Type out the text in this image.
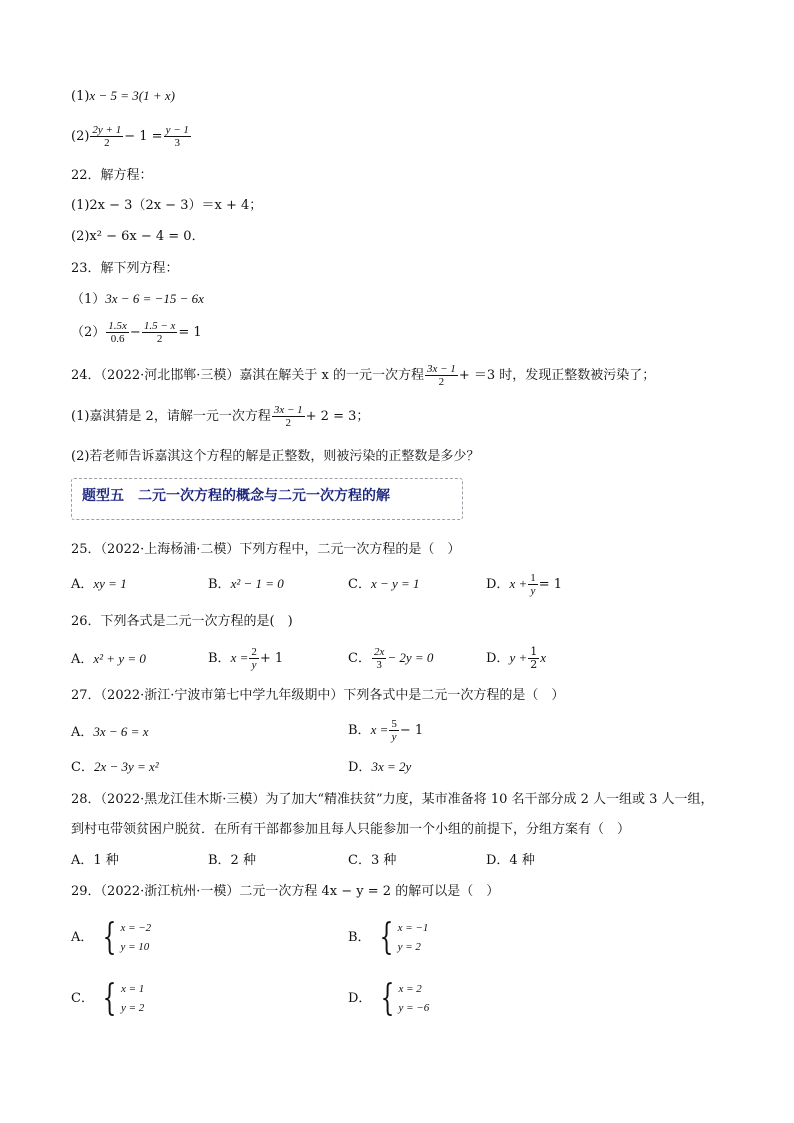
(1)x − 5 = 3(1 + x)
$(2) \frac{2y + 1}{2} - 1 = \frac{y - 1}{3}$
22．解方程：
(1)2x − 3（2x − 3）＝x + 4；
(2)x² − 6x − 4 = 0．
23．解下列方程：
（1）3x − 6 = −15 − 6x
$(2) \frac{1.5x}{0.6} - \frac{1.5 - x}{2} = 1$
24．（2022·河北邯郸·三模）嘉淇在解关于 x 的一元一次方程 $\frac{3x - 1}{2} + =3$ 时，发现正整数被污染了；
(1)嘉淇猜是 2，请解一元一次方程 $\frac{3x - 1}{2} + 2 = 3$；
(2)若老师告诉嘉淇这个方程的解是正整数，则被污染的正整数是多少？
题型五　二元一次方程的概念与二元一次方程的解
25．（2022·上海杨浦·二模）下列方程中，二元一次方程的是（　）
A．xy = 1	B．x² − 1 = 0	C．x − y = 1	D．$x + \frac{1}{y} = 1$
26．下列各式是二元一次方程的是(　)
A．x² + y = 0	B．$x = \frac{2}{y} + 1$	C． $\frac{2x}{3} - 2y = 0$	D．$y + \frac{1}{2}$ x
27．（2022·浙江·宁波市第七中学九年级期中）下列各式中是二元一次方程的是（　）
A．3x − 6 = x	B．$x = \frac{5}{y} - 1$
C．2x − 3y = x²	D．3x = 2y
28．（2022·黑龙江佳木斯·三模）为了加大“精准扶贫”力度，某市准备将 10 名干部分成 2 人一组或 3 人一组，
到村屯带领贫困户脱贫．在所有干部都参加且每人只能参加一个小组的前提下，分组方案有（　）
A．1 种	B．2 种	C．3 种	D．4 种
29．（2022·浙江杭州·一模）二元一次方程 4x − y = 2 的解可以是（　）
A． { x = −2
y = 10
B． { x = −1
y = 2
C． { x = 1
y = 2
D． { x = 2
y = −6
